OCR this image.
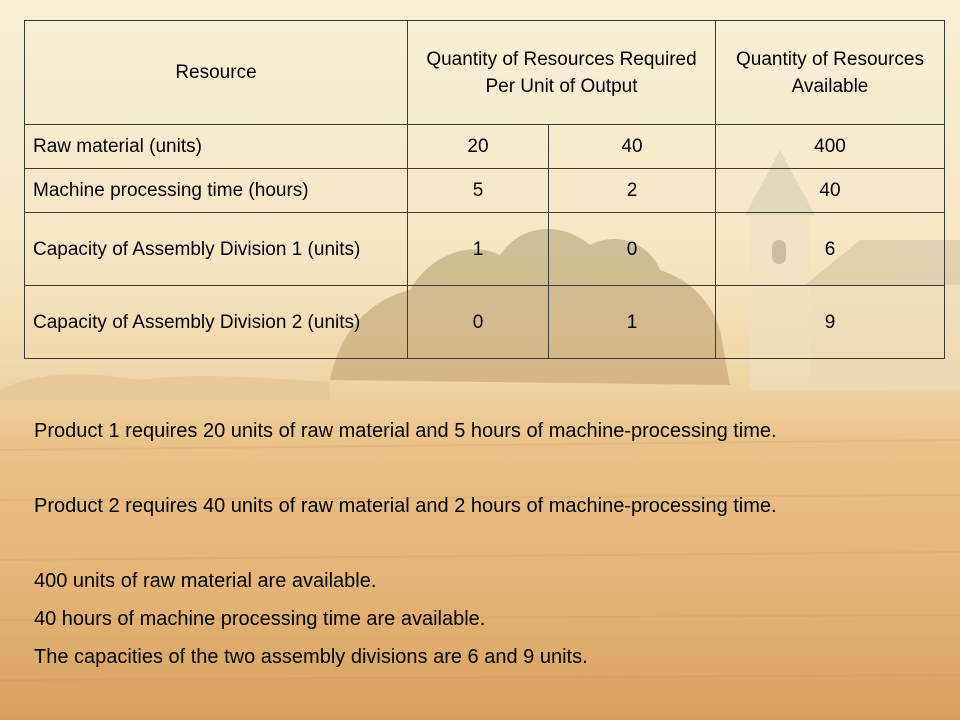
Resource	Quantity of Resources Required Per Unit of Output		Quantity of Resources Available
Raw material (units)	20	40	400
Machine processing time (hours)	5	2	40
Capacity of Assembly Division 1 (units)	1	0	6
Capacity of Assembly Division 2 (units)	0	1	9

Product 1 requires 20 units of raw material and 5 hours of machine-processing time.

Product 2 requires 40 units of raw material and 2 hours of machine-processing time.

400 units of raw material are available.

40 hours of machine processing time are available.

The capacities of the two assembly divisions are 6 and 9 units.
